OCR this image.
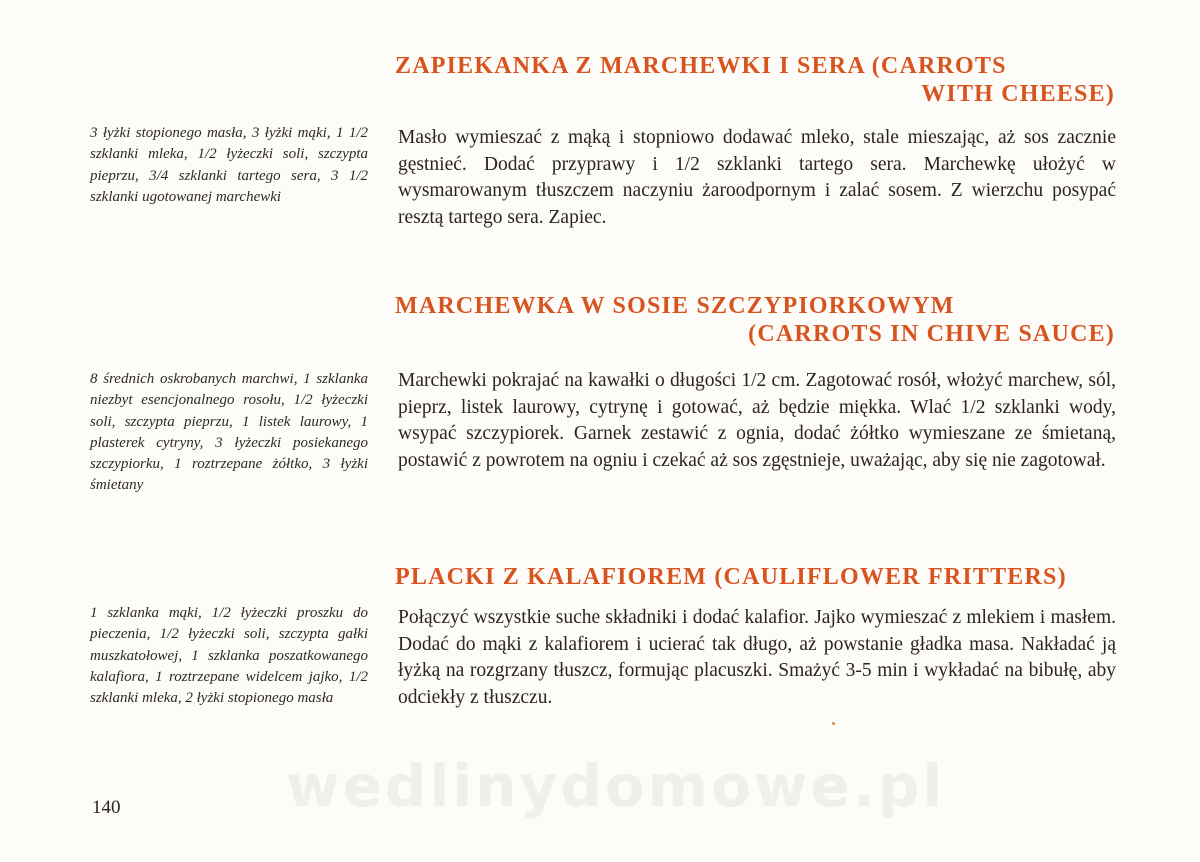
ZAPIEKANKA Z MARCHEWKI I SERA (CARROTS
WITH CHEESE)

3 łyżki stopionego masła, 3 łyżki mąki, 1 1/2 szklanki mleka, 1/2 łyżeczki soli, szczypta pieprzu, 3/4 szklanki tartego sera, 3 1/2 szklanki ugotowanej marchewki

Masło wymieszać z mąką i stopniowo dodawać mleko, stale mieszając, aż sos zacznie gęstnieć. Dodać przyprawy i 1/2 szklanki tartego sera. Marchewkę ułożyć w wysmarowanym tłuszczem naczyniu żaroodpornym i zalać sosem. Z wierzchu posypać resztą tartego sera. Zapiec.

MARCHEWKA W SOSIE SZCZYPIORKOWYM
(CARROTS IN CHIVE SAUCE)

8 średnich oskrobanych marchwi, 1 szklanka niezbyt esencjonalnego rosołu, 1/2 łyżeczki soli, szczypta pieprzu, 1 listek laurowy, 1 plasterek cytryny, 3 łyżeczki posiekanego szczypiorku, 1 roztrzepane żółtko, 3 łyżki śmietany

Marchewki pokrajać na kawałki o długości 1/2 cm. Zagotować rosół, włożyć marchew, sól, pieprz, listek laurowy, cytrynę i gotować, aż będzie miękka. Wlać 1/2 szklanki wody, wsypać szczypiorek. Garnek zestawić z ognia, dodać żółtko wymieszane ze śmietaną, postawić z powrotem na ogniu i czekać aż sos zgęstnieje, uważając, aby się nie zagotował.

PLACKI Z KALAFIOREM (CAULIFLOWER FRITTERS)

1 szklanka mąki, 1/2 łyżeczki proszku do pieczenia, 1/2 łyżeczki soli, szczypta gałki muszkatołowej, 1 szklanka poszatkowanego kalafiora, 1 roztrzepane widelcem jajko, 1/2 szklanki mleka, 2 łyżki stopionego masła

Połączyć wszystkie suche składniki i dodać kalafior. Jajko wymieszać z mlekiem i masłem. Dodać do mąki z kalafiorem i ucierać tak długo, aż powstanie gładka masa. Nakładać ją łyżką na rozgrzany tłuszcz, formując placuszki. Smażyć 3-5 min i wykładać na bibułę, aby odciekły z tłuszczu.

wedlinydomowe.pl
140
